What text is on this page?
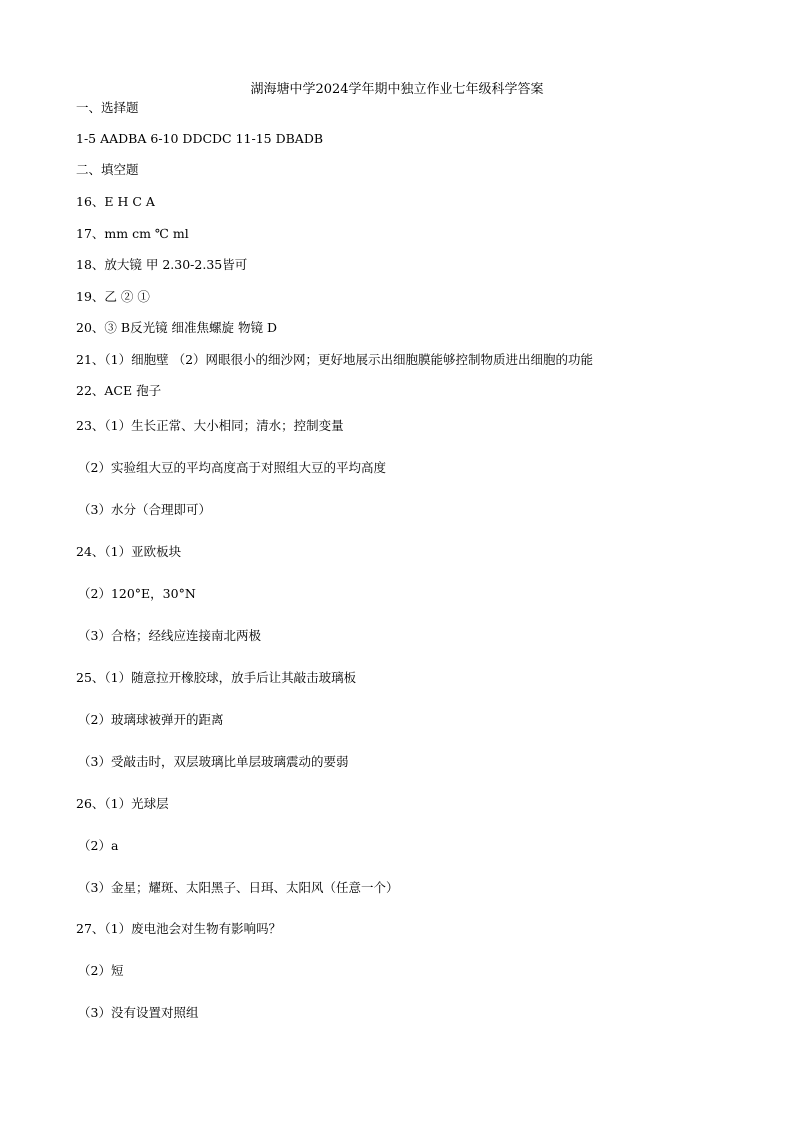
湖海塘中学2024学年期中独立作业七年级科学答案
一、选择题
1-5 AADBA 6-10 DDCDC 11-15 DBADB
二、填空题
16、E H C A
17、mm cm ℃ ml
18、放大镜 甲 2.30-2.35皆可
19、乙 ② ①
20、③ B反光镜 细准焦螺旋 物镜 D
21、（1）细胞壁 （2）网眼很小的细沙网；更好地展示出细胞膜能够控制物质进出细胞的功能
22、ACE 孢子
23、（1）生长正常、大小相同；清水；控制变量
（2）实验组大豆的平均高度高于对照组大豆的平均高度
（3）水分（合理即可）
24、（1）亚欧板块
（2）120°E，30°N
（3）合格；经线应连接南北两极
25、（1）随意拉开橡胶球，放手后让其敲击玻璃板
（2）玻璃球被弹开的距离
（3）受敲击时，双层玻璃比单层玻璃震动的要弱
26、（1）光球层
（2）a
（3）金星；耀斑、太阳黑子、日珥、太阳风（任意一个）
27、（1）废电池会对生物有影响吗？
（2）短
（3）没有设置对照组
